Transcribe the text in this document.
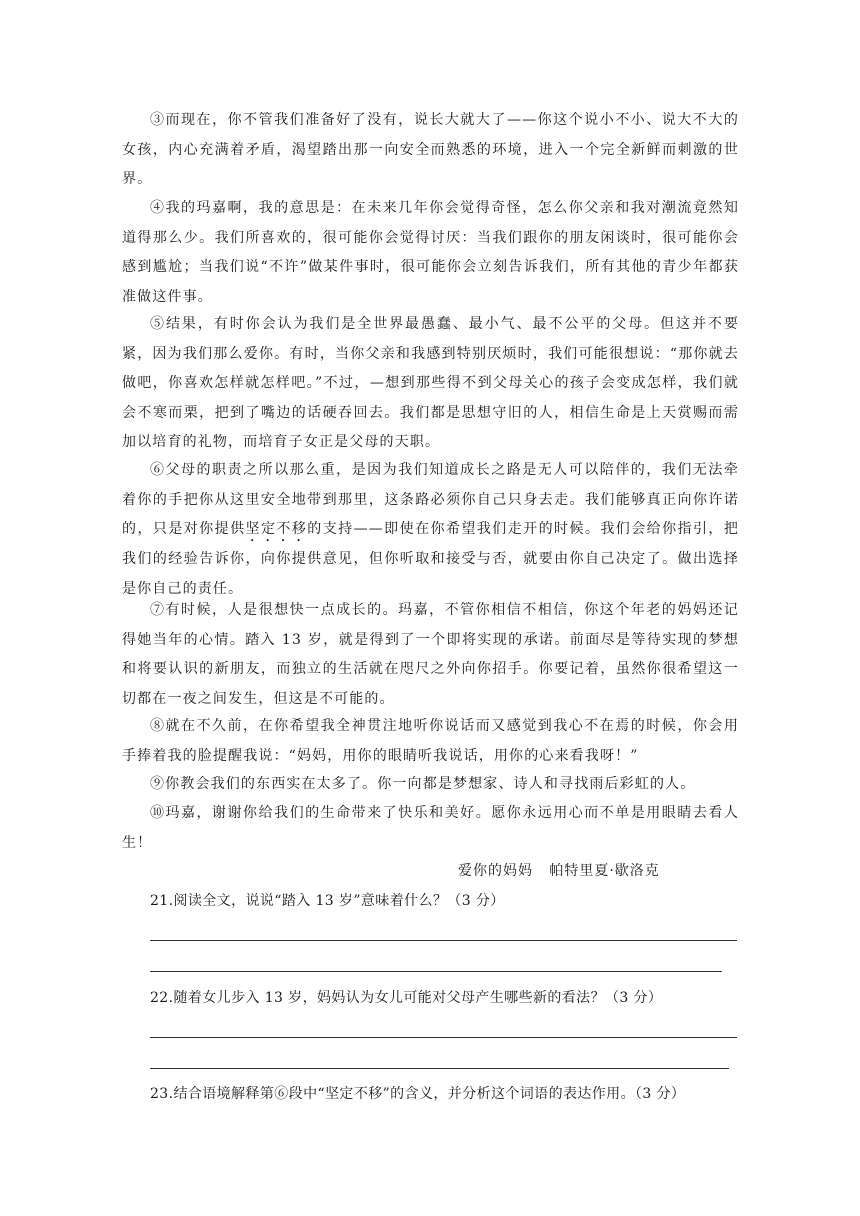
③而现在，你不管我们准备好了没有，说长大就大了——你这个说小不小、说大不大的女孩，内心充满着矛盾，渴望踏出那一向安全而熟悉的环境，进入一个完全新鲜而刺激的世界。

④我的玛嘉啊，我的意思是：在未来几年你会觉得奇怪，怎么你父亲和我对潮流竟然知道得那么少。我们所喜欢的，很可能你会觉得讨厌：当我们跟你的朋友闲谈时，很可能你会感到尴尬；当我们说“不许”做某件事时，很可能你会立刻告诉我们，所有其他的青少年都获准做这件事。

⑤结果，有时你会认为我们是全世界最愚蠢、最小气、最不公平的父母。但这并不要紧，因为我们那么爱你。有时，当你父亲和我感到特别厌烦时，我们可能很想说：“那你就去做吧，你喜欢怎样就怎样吧。”不过，—想到那些得不到父母关心的孩子会变成怎样，我们就会不寒而栗，把到了嘴边的话硬吞回去。我们都是思想守旧的人，相信生命是上天赏赐而需加以培育的礼物，而培育子女正是父母的天职。

⑥父母的职责之所以那么重，是因为我们知道成长之路是无人可以陪伴的，我们无法牵着你的手把你从这里安全地带到那里，这条路必须你自己只身去走。我们能够真正向你许诺的，只是对你提供坚定不移的支持——即使在你希望我们走开的时候。我们会给你指引，把我们的经验告诉你，向你提供意见，但你听取和接受与否，就要由你自己决定了。做出选择是你自己的责任。

⑦有时候，人是很想快一点成长的。玛嘉，不管你相信不相信，你这个年老的妈妈还记得她当年的心情。踏入 13 岁，就是得到了一个即将实现的承诺。前面尽是等待实现的梦想和将要认识的新朋友，而独立的生活就在咫尺之外向你招手。你要记着，虽然你很希望这一切都在一夜之间发生，但这是不可能的。

⑧就在不久前，在你希望我全神贯注地听你说话而又感觉到我心不在焉的时候，你会用手捧着我的脸提醒我说：“妈妈，用你的眼睛听我说话，用你的心来看我呀！”

⑨你教会我们的东西实在太多了。你一向都是梦想家、诗人和寻找雨后彩虹的人。

⑩玛嘉，谢谢你给我们的生命带来了快乐和美好。愿你永远用心而不单是用眼睛去看人生！

爱你的妈妈   帕特里夏·歇洛克
21.阅读全文，说说“踏入 13 岁”意味着什么？（3 分）
22.随着女儿步入 13 岁，妈妈认为女儿可能对父母产生哪些新的看法？（3 分）
23.结合语境解释第⑥段中“坚定不移”的含义，并分析这个词语的表达作用。（3 分）
